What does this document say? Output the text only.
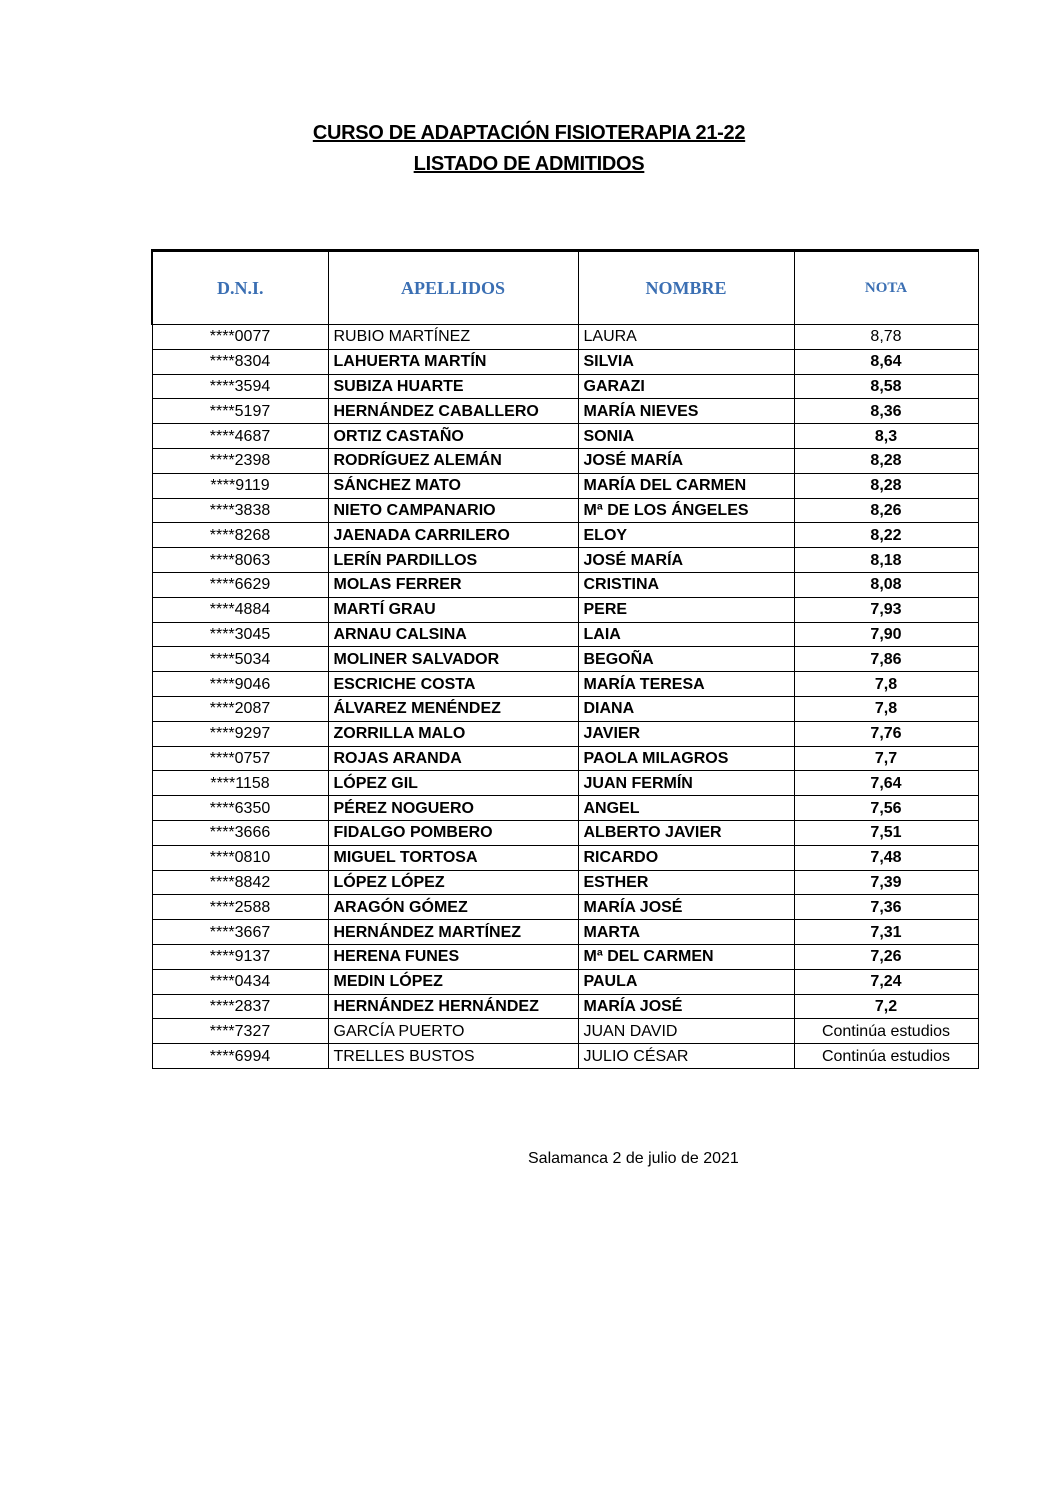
CURSO DE ADAPTACIÓN FISIOTERAPIA 21-22
LISTADO DE ADMITIDOS
D.N.I.	APELLIDOS	NOMBRE	NOTA
****0077	RUBIO MARTÍNEZ	LAURA	8,78
****8304	LAHUERTA MARTÍN	SILVIA	8,64
****3594	SUBIZA HUARTE	GARAZI	8,58
****5197	HERNÁNDEZ CABALLERO	MARÍA NIEVES	8,36
****4687	ORTIZ CASTAÑO	SONIA	8,3
****2398	RODRÍGUEZ ALEMÁN	JOSÉ MARÍA	8,28
****9119	SÁNCHEZ MATO	MARÍA DEL CARMEN	8,28
****3838	NIETO CAMPANARIO	Mª DE LOS ÁNGELES	8,26
****8268	JAENADA CARRILERO	ELOY	8,22
****8063	LERÍN PARDILLOS	JOSÉ MARÍA	8,18
****6629	MOLAS FERRER	CRISTINA	8,08
****4884	MARTÍ GRAU	PERE	7,93
****3045	ARNAU CALSINA	LAIA	7,90
****5034	MOLINER SALVADOR	BEGOÑA	7,86
****9046	ESCRICHE COSTA	MARÍA TERESA	7,8
****2087	ÁLVAREZ MENÉNDEZ	DIANA	7,8
****9297	ZORRILLA MALO	JAVIER	7,76
****0757	ROJAS ARANDA	PAOLA MILAGROS	7,7
****1158	LÓPEZ GIL	JUAN FERMÍN	7,64
****6350	PÉREZ NOGUERO	ANGEL	7,56
****3666	FIDALGO POMBERO	ALBERTO JAVIER	7,51
****0810	MIGUEL TORTOSA	RICARDO	7,48
****8842	LÓPEZ LÓPEZ	ESTHER	7,39
****2588	ARAGÓN GÓMEZ	MARÍA JOSÉ	7,36
****3667	HERNÁNDEZ MARTÍNEZ	MARTA	7,31
****9137	HERENA FUNES	Mª DEL CARMEN	7,26
****0434	MEDIN LÓPEZ	PAULA	7,24
****2837	HERNÁNDEZ HERNÁNDEZ	MARÍA JOSÉ	7,2
****7327	GARCÍA PUERTO	JUAN DAVID	Continúa estudios
****6994	TRELLES BUSTOS	JULIO CÉSAR	Continúa estudios
Salamanca 2 de julio de 2021
